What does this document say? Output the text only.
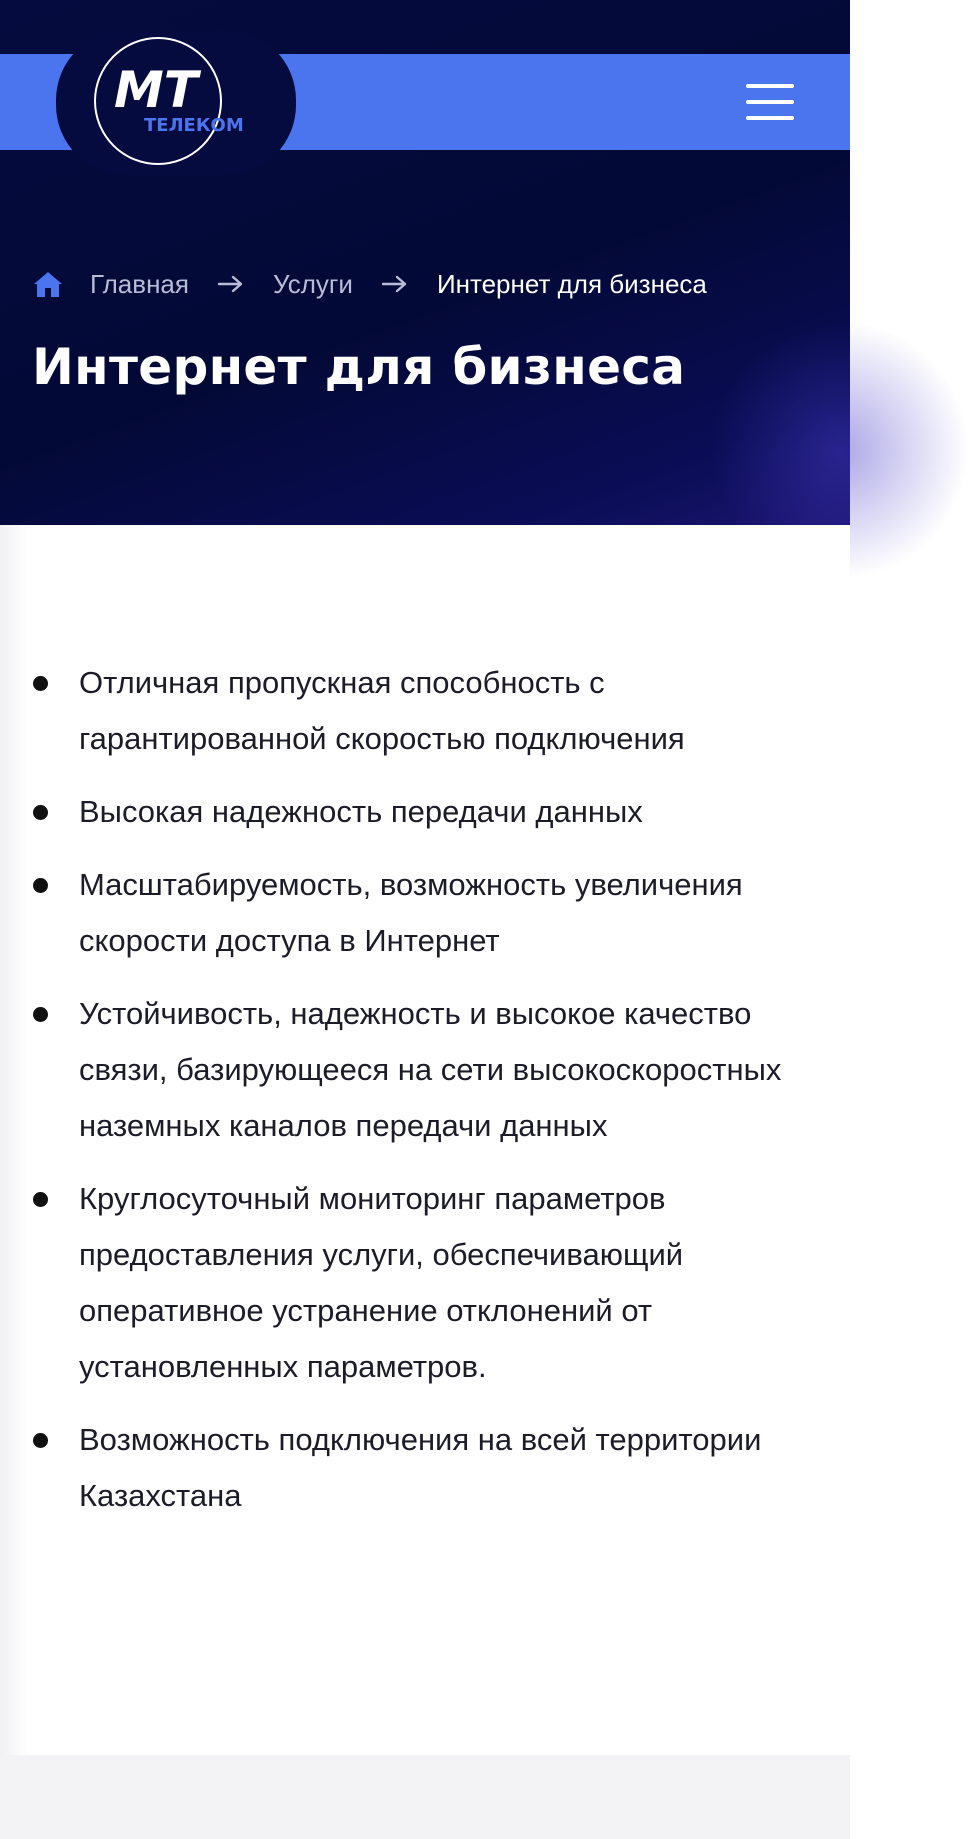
МТ
ТЕЛЕКОМ
Главная	Услуги	Интернет для бизнеса
Интернет для бизнеса
Отличная пропускная способность с гарантированной скоростью подключения
Высокая надежность передачи данных
Масштабируемость, возможность увеличения скорости доступа в Интернет
Устойчивость, надежность и высокое качество связи, базирующееся на сети высокоскоростных наземных каналов передачи данных
Круглосуточный мониторинг параметров предоставления услуги, обеспечивающий оперативное устранение отклонений от установленных параметров.
Возможность подключения на всей территории Казахстана
